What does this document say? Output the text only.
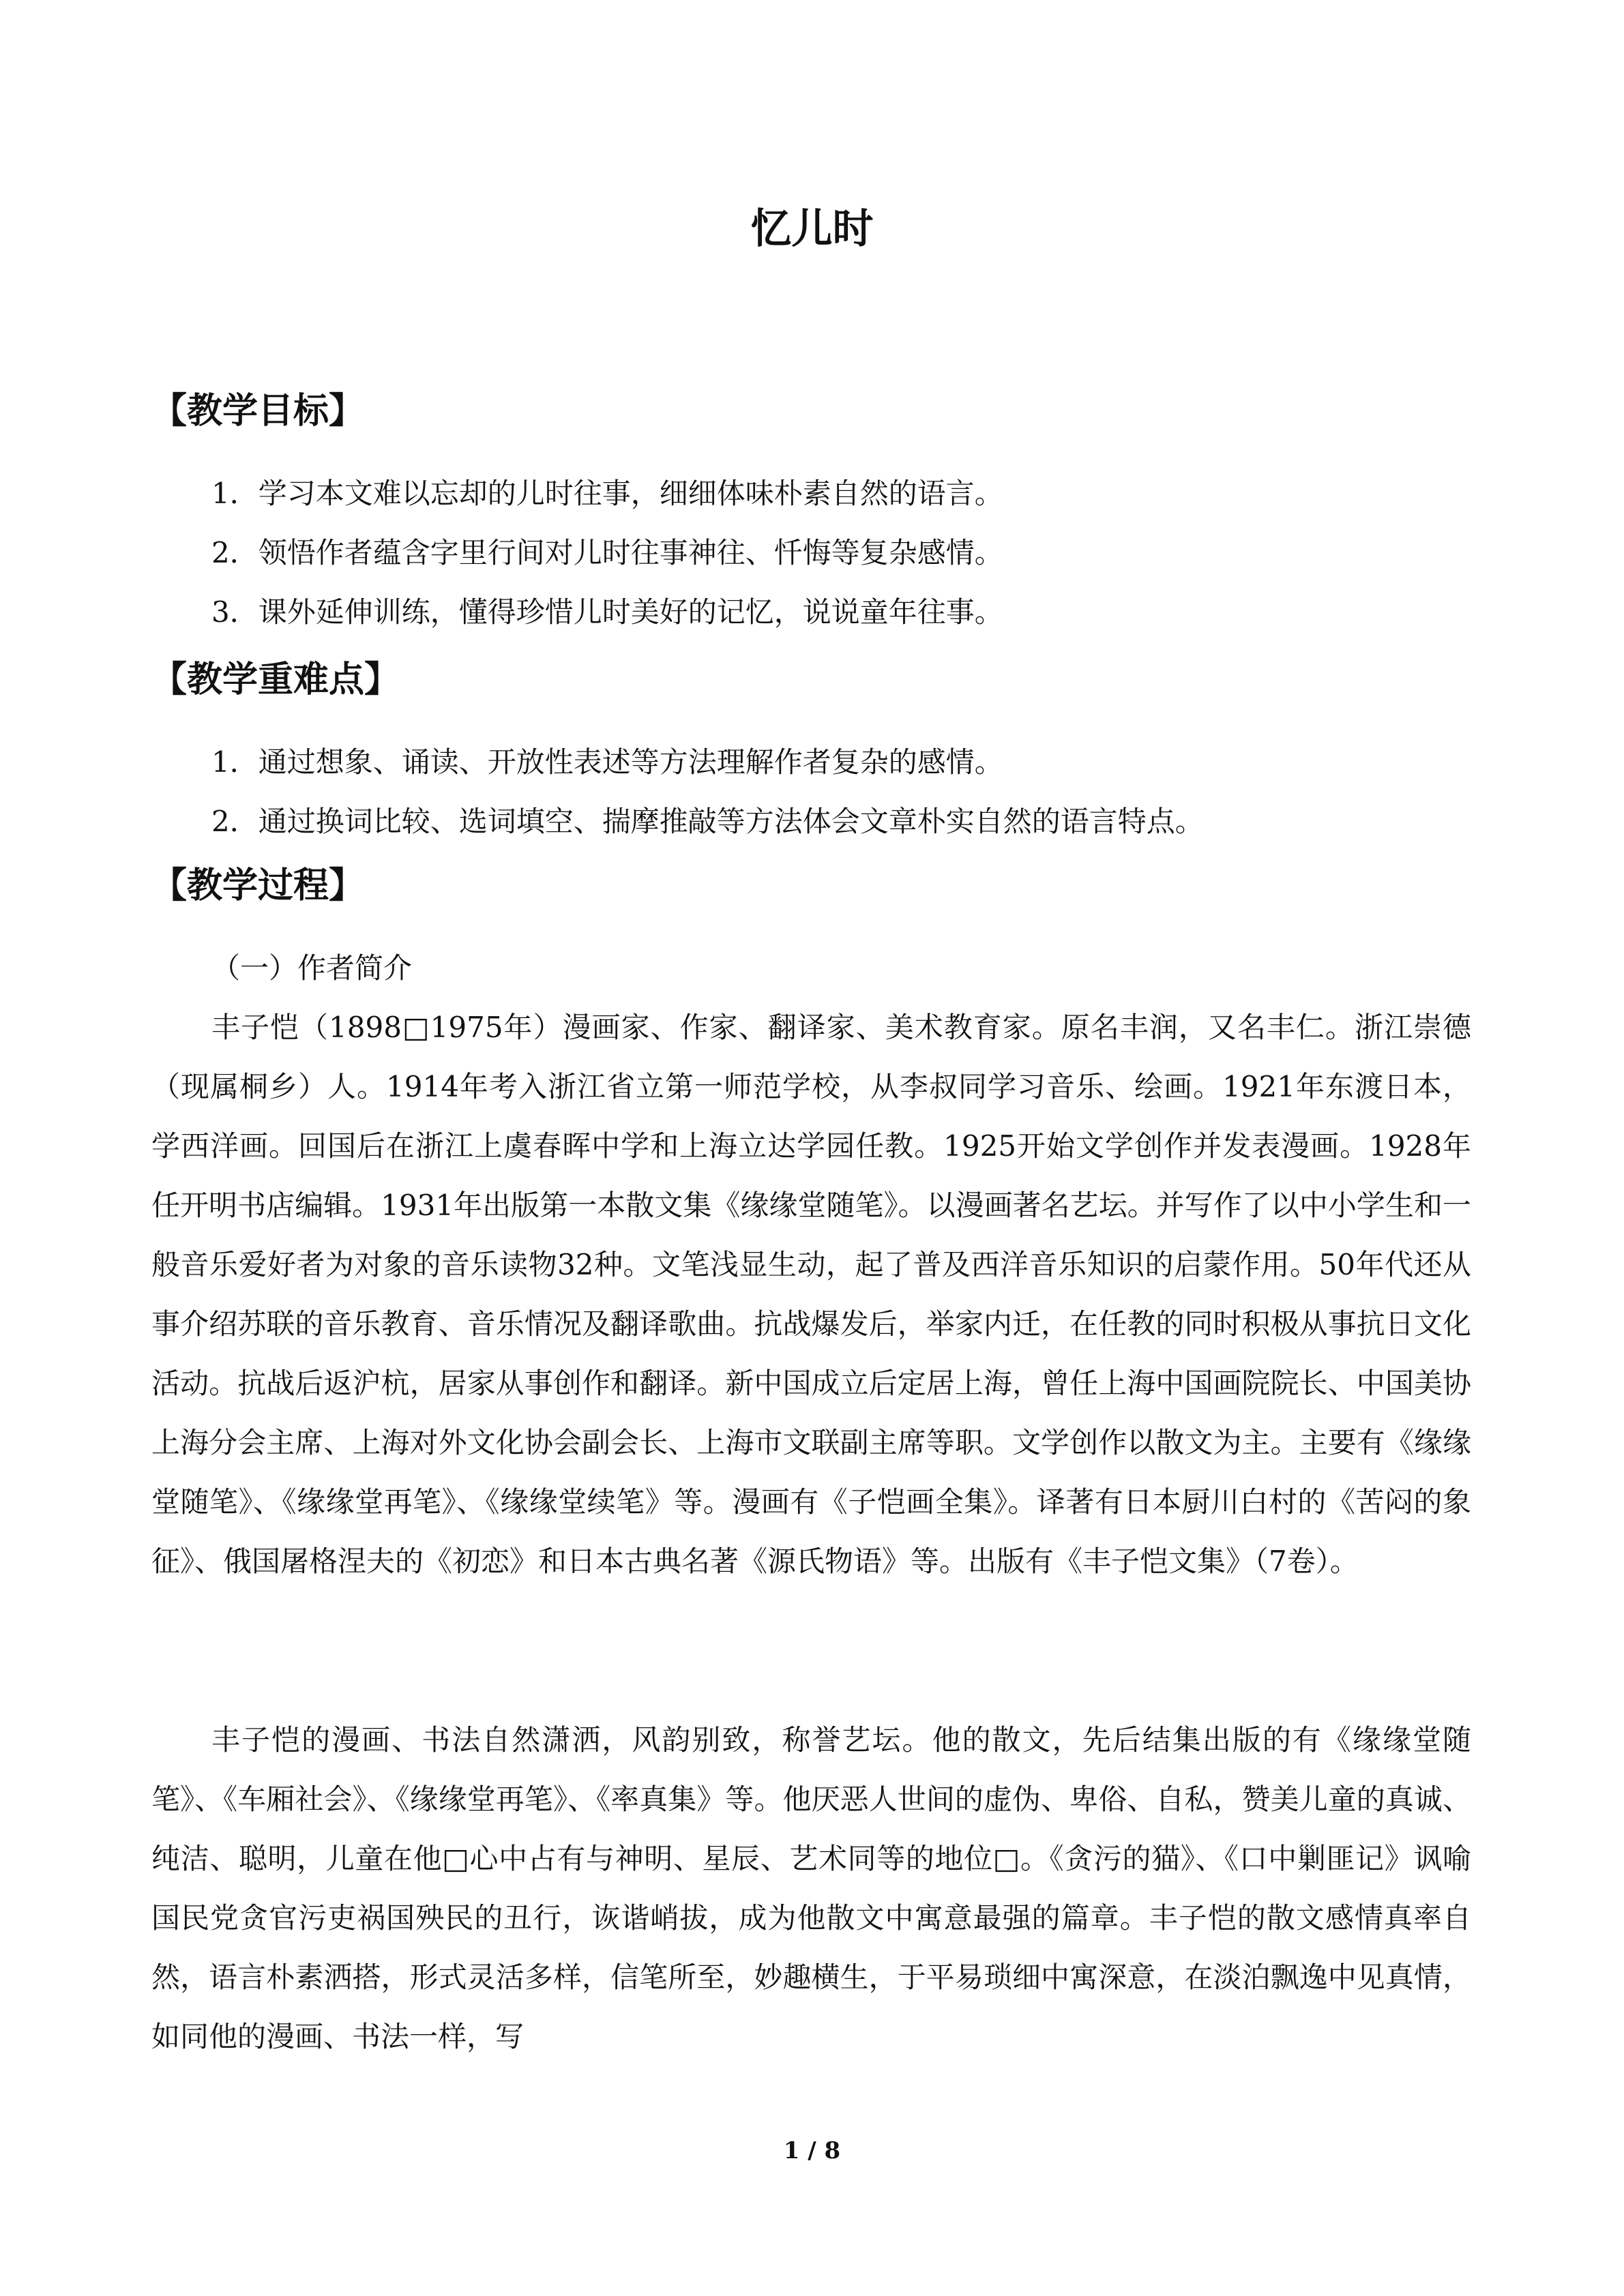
忆儿时
【教学目标】
1．学习本文难以忘却的儿时往事，细细体味朴素自然的语言。
2．领悟作者蕴含字里行间对儿时往事神往、忏悔等复杂感情。
3．课外延伸训练，懂得珍惜儿时美好的记忆，说说童年往事。
【教学重难点】
1．通过想象、诵读、开放性表述等方法理解作者复杂的感情。
2．通过换词比较、选词填空、揣摩推敲等方法体会文章朴实自然的语言特点。
【教学过程】
（一）作者简介
丰子恺（1898□1975年）漫画家、作家、翻译家、美术教育家。原名丰润，又名丰仁。浙江崇德（现属桐乡）人。1914年考入浙江省立第一师范学校，从李叔同学习音乐、绘画。1921年东渡日本，学西洋画。回国后在浙江上虞春晖中学和上海立达学园任教。1925开始文学创作并发表漫画。1928年任开明书店编辑。1931年出版第一本散文集《缘缘堂随笔》。以漫画著名艺坛。并写作了以中小学生和一般音乐爱好者为对象的音乐读物32种。文笔浅显生动，起了普及西洋音乐知识的启蒙作用。50年代还从事介绍苏联的音乐教育、音乐情况及翻译歌曲。抗战爆发后，举家内迁，在任教的同时积极从事抗日文化活动。抗战后返沪杭，居家从事创作和翻译。新中国成立后定居上海，曾任上海中国画院院长、中国美协上海分会主席、上海对外文化协会副会长、上海市文联副主席等职。文学创作以散文为主。主要有《缘缘堂随笔》、《缘缘堂再笔》、《缘缘堂续笔》等。漫画有《子恺画全集》。译著有日本厨川白村的《苦闷的象征》、俄国屠格涅夫的《初恋》和日本古典名著《源氏物语》等。出版有《丰子恺文集》（7卷）。
丰子恺的漫画、书法自然潇洒，风韵别致，称誉艺坛。他的散文，先后结集出版的有《缘缘堂随笔》、《车厢社会》、《缘缘堂再笔》、《率真集》等。他厌恶人世间的虚伪、卑俗、自私，赞美儿童的真诚、纯洁、聪明，儿童在他□心中占有与神明、星辰、艺术同等的地位□。《贪污的猫》、《口中剿匪记》讽喻国民党贪官污吏祸国殃民的丑行，诙谐峭拔，成为他散文中寓意最强的篇章。丰子恺的散文感情真率自然，语言朴素洒搭，形式灵活多样，信笔所至，妙趣横生，于平易琐细中寓深意，在淡泊飘逸中见真情，如同他的漫画、书法一样，写
1 / 8
